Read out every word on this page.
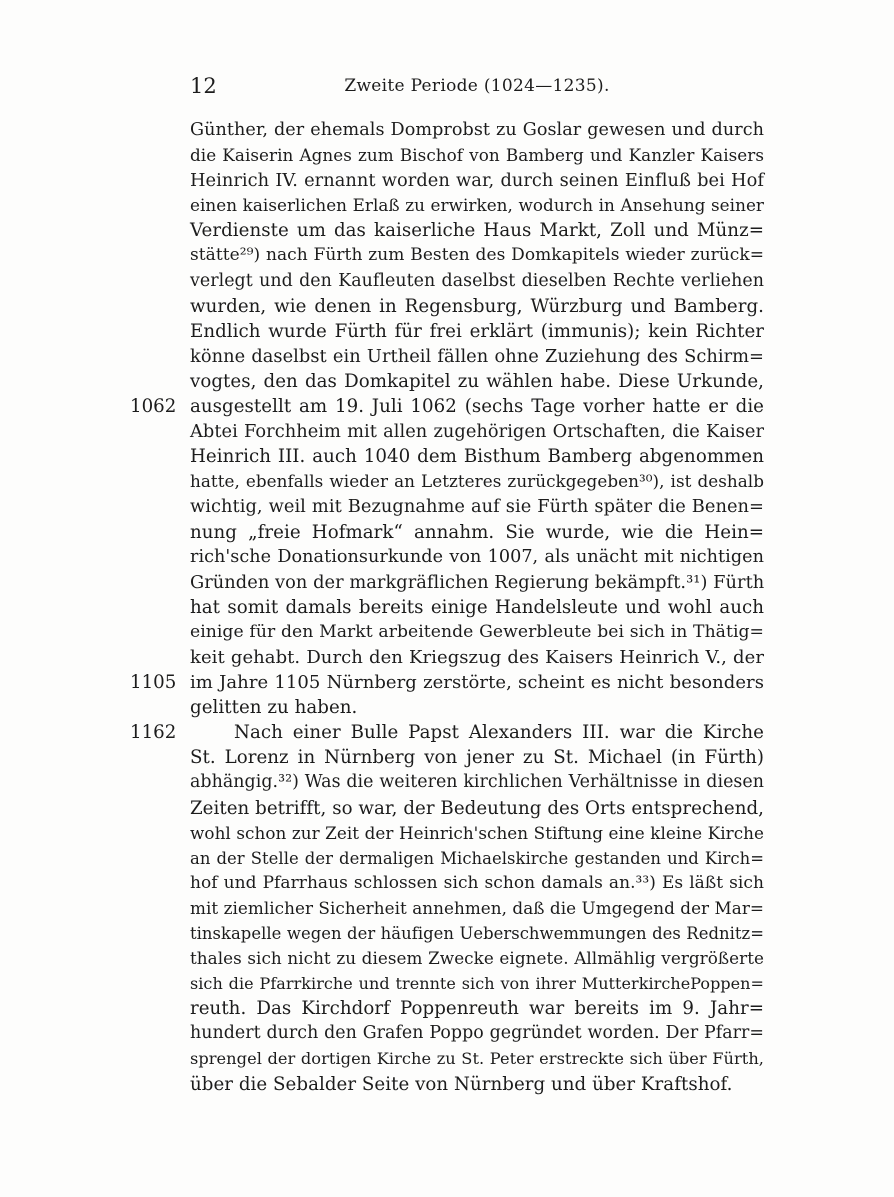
12	Zweite Periode (1024—1235).
1062
1105
1162
Günther, der ehemals Domprobst zu Goslar gewesen und durch
die Kaiserin Agnes zum Bischof von Bamberg und Kanzler Kaisers
Heinrich IV. ernannt worden war, durch seinen Einfluß bei Hof
einen kaiserlichen Erlaß zu erwirken, wodurch in Ansehung seiner
Verdienste um das kaiserliche Haus Markt, Zoll und Münz=
stätte²⁹) nach Fürth zum Besten des Domkapitels wieder zurück=
verlegt und den Kaufleuten daselbst dieselben Rechte verliehen
wurden, wie denen in Regensburg, Würzburg und Bamberg.
Endlich wurde Fürth für frei erklärt (immunis); kein Richter
könne daselbst ein Urtheil fällen ohne Zuziehung des Schirm=
vogtes, den das Domkapitel zu wählen habe. Diese Urkunde,
ausgestellt am 19. Juli 1062 (sechs Tage vorher hatte er die
Abtei Forchheim mit allen zugehörigen Ortschaften, die Kaiser
Heinrich III. auch 1040 dem Bisthum Bamberg abgenommen
hatte, ebenfalls wieder an Letzteres zurückgegeben³⁰), ist deshalb
wichtig, weil mit Bezugnahme auf sie Fürth später die Benen=
nung „freie Hofmark“ annahm. Sie wurde, wie die Hein=
rich'sche Donationsurkunde von 1007, als unächt mit nichtigen
Gründen von der markgräflichen Regierung bekämpft.³¹) Fürth
hat somit damals bereits einige Handelsleute und wohl auch
einige für den Markt arbeitende Gewerbleute bei sich in Thätig=
keit gehabt. Durch den Kriegszug des Kaisers Heinrich V., der
im Jahre 1105 Nürnberg zerstörte, scheint es nicht besonders
gelitten zu haben.
Nach einer Bulle Papst Alexanders III. war die Kirche
St. Lorenz in Nürnberg von jener zu St. Michael (in Fürth)
abhängig.³²) Was die weiteren kirchlichen Verhältnisse in diesen
Zeiten betrifft, so war, der Bedeutung des Orts entsprechend,
wohl schon zur Zeit der Heinrich'schen Stiftung eine kleine Kirche
an der Stelle der dermaligen Michaelskirche gestanden und Kirch=
hof und Pfarrhaus schlossen sich schon damals an.³³) Es läßt sich
mit ziemlicher Sicherheit annehmen, daß die Umgegend der Mar=
tinskapelle wegen der häufigen Ueberschwemmungen des Rednitz=
thales sich nicht zu diesem Zwecke eignete. Allmählig vergrößerte
sich die Pfarrkirche und trennte sich von ihrer MutterkirchePoppen=
reuth. Das Kirchdorf Poppenreuth war bereits im 9. Jahr=
hundert durch den Grafen Poppo gegründet worden. Der Pfarr=
sprengel der dortigen Kirche zu St. Peter erstreckte sich über Fürth,
über die Sebalder Seite von Nürnberg und über Kraftshof.
